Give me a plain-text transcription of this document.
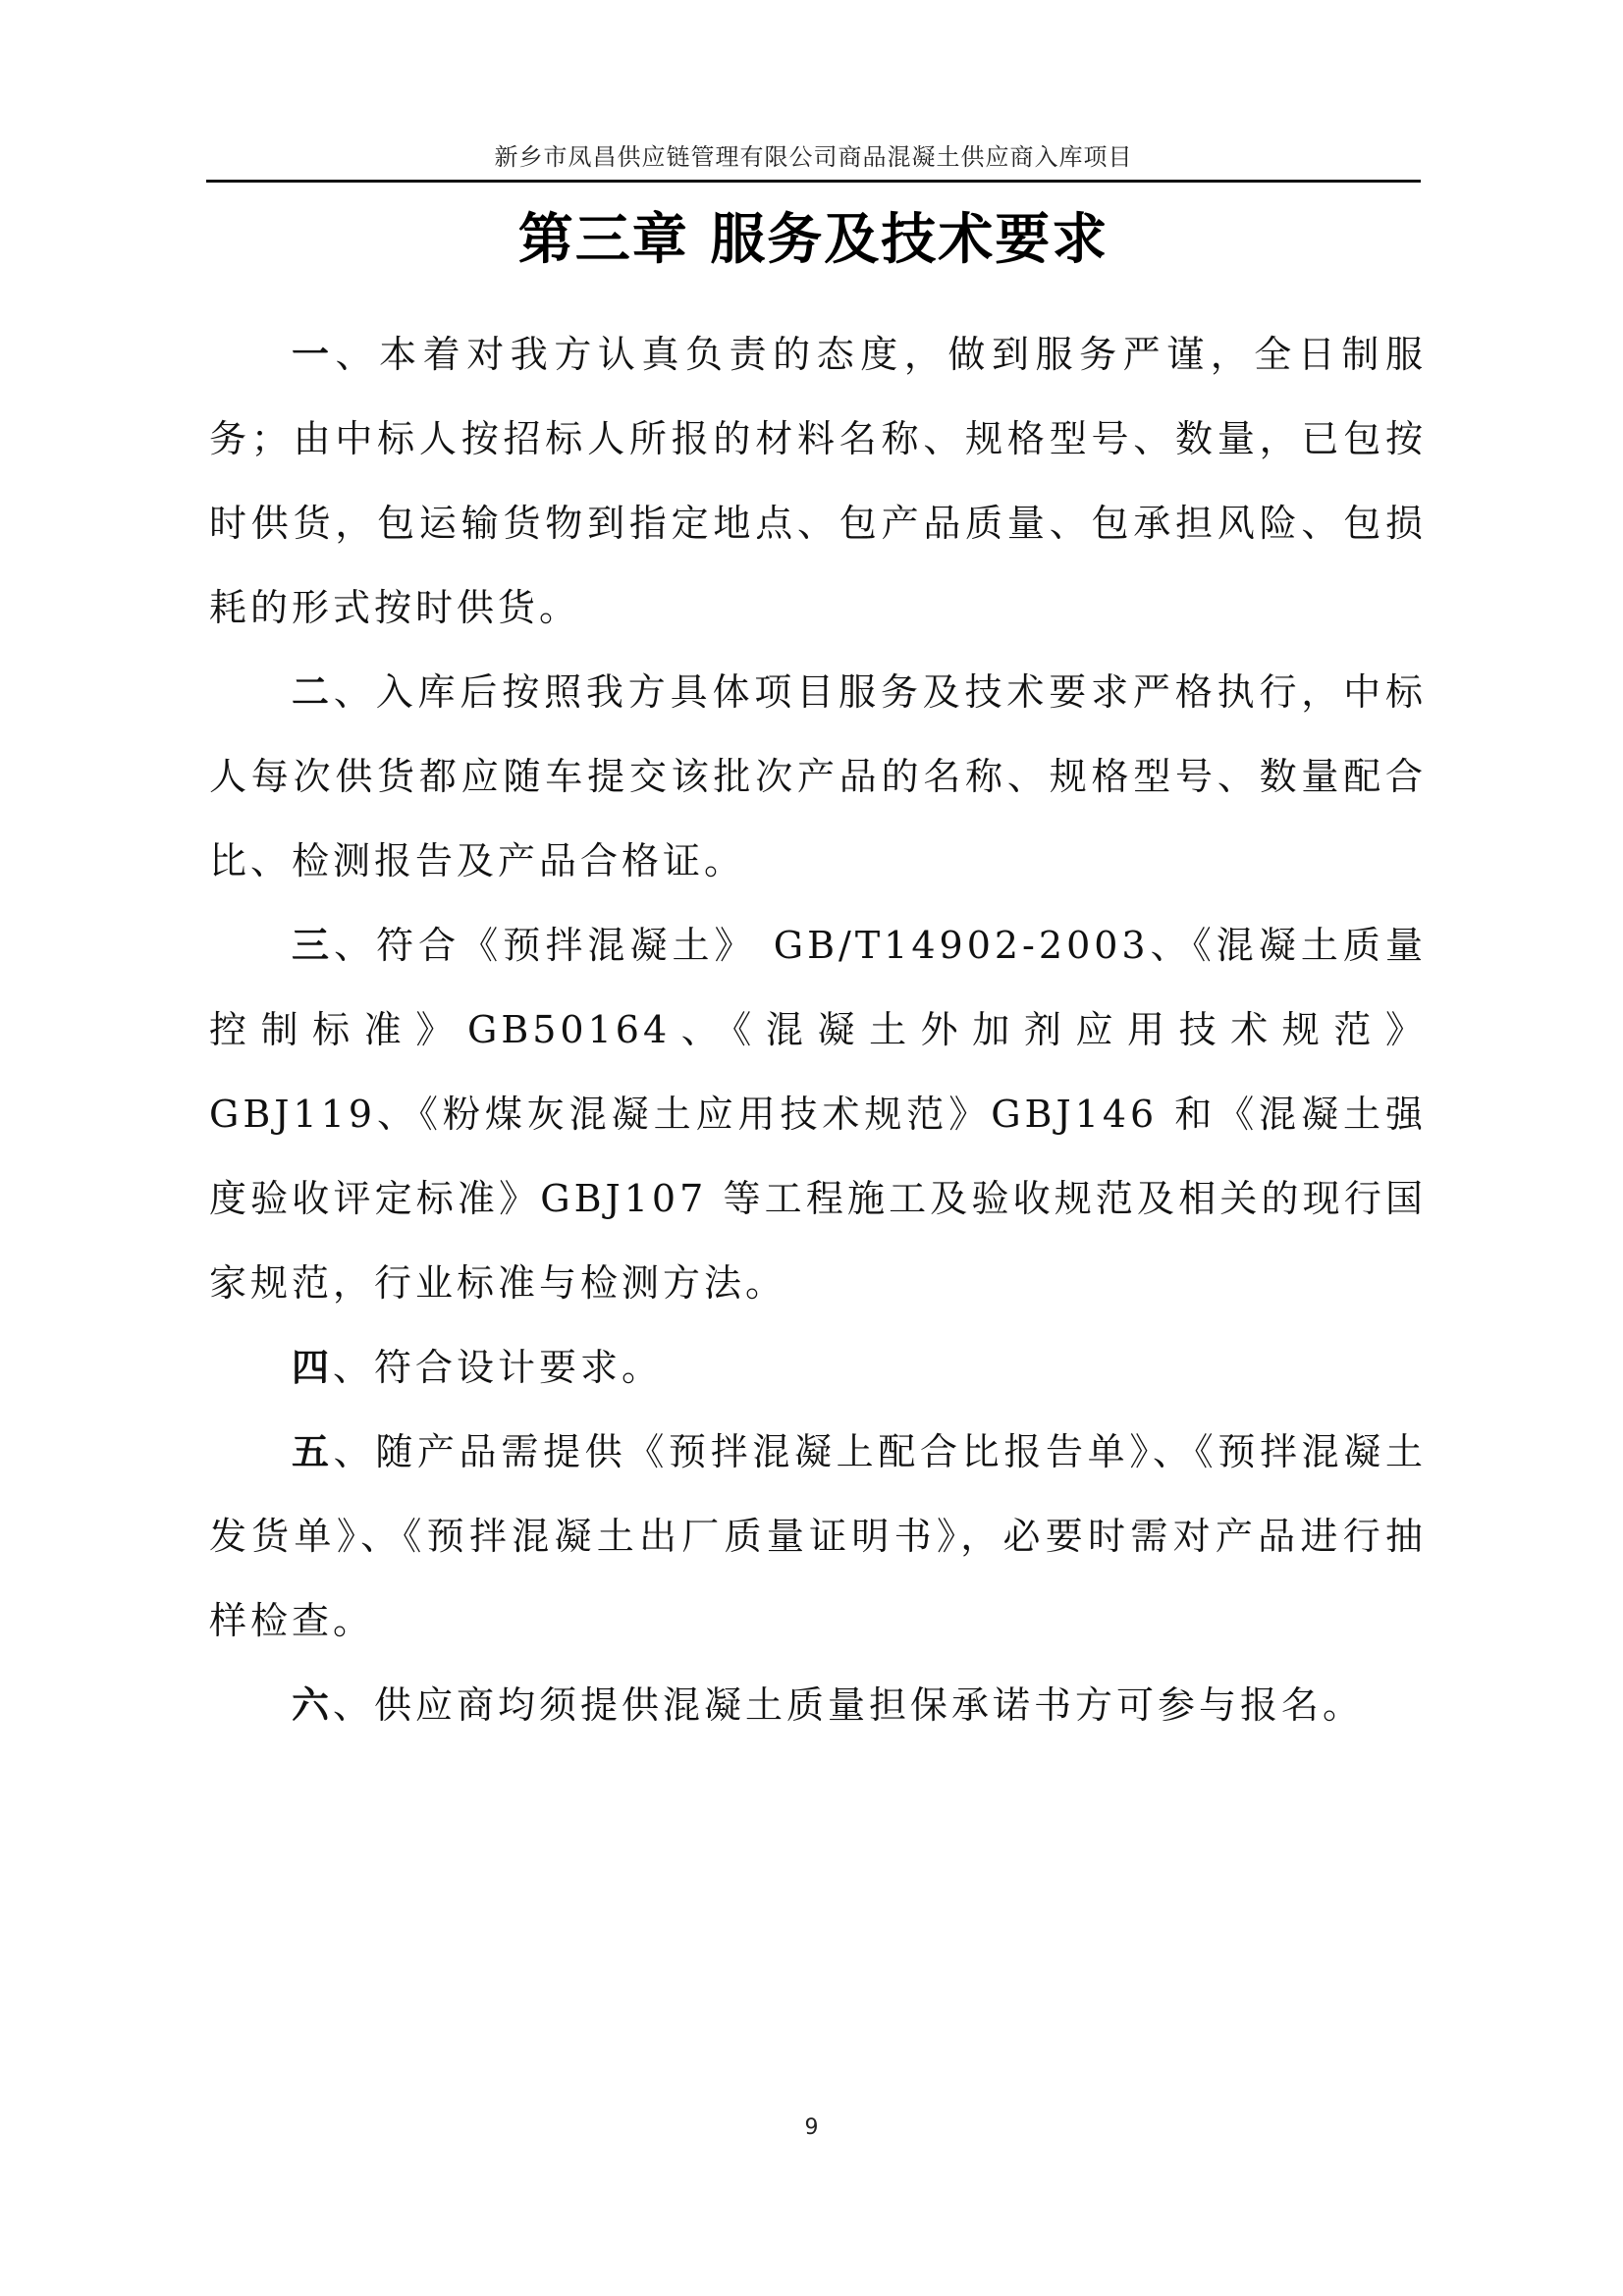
新乡市凤昌供应链管理有限公司商品混凝土供应商入库项目
第三章 服务及技术要求

一、本着对我方认真负责的态度，做到服务严谨，全日制服务；由中标人按招标人所报的材料名称、规格型号、数量，已包按时供货，包运输货物到指定地点、包产品质量、包承担风险、包损耗的形式按时供货。

二、入库后按照我方具体项目服务及技术要求严格执行，中标人每次供货都应随车提交该批次产品的名称、规格型号、数量配合比、检测报告及产品合格证。

三、符合《预拌混凝土》 GB/T14902-2003、《混凝土质量控制标准》GB50164、《混凝土外加剂应用技术规范》GBJ119、《粉煤灰混凝土应用技术规范》GBJ146 和《混凝土强度验收评定标准》GBJ107 等工程施工及验收规范及相关的现行国家规范，行业标准与检测方法。

四、符合设计要求。

五、随产品需提供《预拌混凝上配合比报告单》、《预拌混凝土发货单》、《预拌混凝土出厂质量证明书》，必要时需对产品进行抽样检查。

六、供应商均须提供混凝土质量担保承诺书方可参与报名。

9
